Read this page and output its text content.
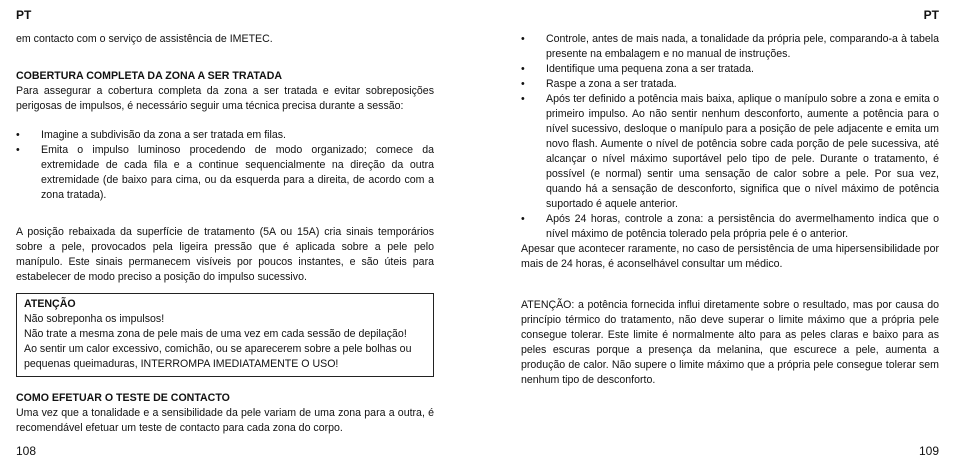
PT

em contacto com o serviço de assistência de IMETEC.

COBERTURA COMPLETA DA ZONA A SER TRATADA

Para assegurar a cobertura completa da zona a ser tratada e evitar sobreposições perigosas de impulsos, é necessário seguir uma técnica precisa durante a sessão:

• Imagine a subdivisão da zona a ser tratada em filas.
• Emita o impulso luminoso procedendo de modo organizado; comece da extremidade de cada fila e a continue sequencialmente na direção da outra extremidade (de baixo para cima, ou da esquerda para a direita, de acordo com a zona tratada).

A posição rebaixada da superfície de tratamento (5A ou 15A) cria sinais temporários sobre a pele, provocados pela ligeira pressão que é aplicada sobre a pele pelo manípulo. Este sinais permanecem visíveis por poucos instantes, e são úteis para estabelecer de modo preciso a posição do impulso sucessivo.

ATENÇÃO

Não sobreponha os impulsos!

Não trate a mesma zona de pele mais de uma vez em cada sessão de depilação!

Ao sentir um calor excessivo, comichão, ou se aparecerem sobre a pele bolhas ou pequenas queimaduras, INTERROMPA IMEDIATAMENTE O USO!

COMO EFETUAR O TESTE DE CONTACTO

Uma vez que a tonalidade e a sensibilidade da pele variam de uma zona para a outra, é recomendável efetuar um teste de contacto para cada zona do corpo.

108
PT
• Controle, antes de mais nada, a tonalidade da própria pele, comparando-a à tabela presente na embalagem e no manual de instruções.
• Identifique uma pequena zona a ser tratada.
• Raspe a zona a ser tratada.
• Após ter definido a potência mais baixa, aplique o manípulo sobre a zona e emita o primeiro impulso. Ao não sentir nenhum desconforto, aumente a potência para o nível sucessivo, desloque o manípulo para a posição de pele adjacente e emita um novo flash. Aumente o nível de potência sobre cada porção de pele sucessiva, até alcançar o nível máximo suportável pelo tipo de pele. Durante o tratamento, é possível (e normal) sentir uma sensação de calor sobre a pele. Por sua vez, quando há a sensação de desconforto, significa que o nível máximo de potência suportado é aquele anterior.
• Após 24 horas, controle a zona: a persistência do avermelhamento indica que o nível máximo de potência tolerado pela própria pele é o anterior.

Apesar que acontecer raramente, no caso de persistência de uma hipersensibilidade por mais de 24 horas, é aconselhável consultar um médico.

ATENÇÃO: a potência fornecida influi diretamente sobre o resultado, mas por causa do princípio térmico do tratamento, não deve superar o limite máximo que a própria pele consegue tolerar. Este limite é normalmente alto para as peles claras e baixo para as peles escuras porque a presença da melanina, que escurece a pele, aumenta a produção de calor. Não supere o limite máximo que a própria pele consegue tolerar sem nenhum tipo de desconforto.

109
